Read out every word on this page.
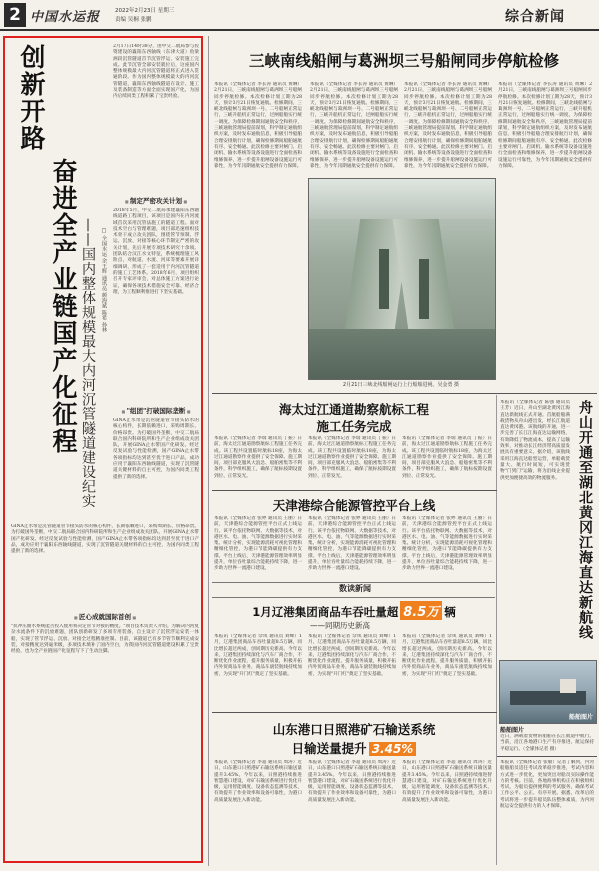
2 中国水运报	2022年2月23日 星期三
责编 吴桐 张鹏	综合新闻
创新开路
奋进全产业链国产化征程 ——国内整体规模最大内河沉管隧道建设纪实 □ 全国水运 余王辉 通讯员 颜海斌 陈希 孙林
2月17日14时38分，由中交二航局参与投资建设的襄阳东西轴线（东津大道）鱼梁洲段沉管隧道首节沉管浮运、安装施工完成。此节沉管全部安装就位后，这座国内整体规模最大内河沉管隧道将正式进入贯通阶段。作为国内整体规模最大的内河沉管隧道，襄阳东西轴线隧道在设计、施工及装备制造等方面全面实现国产化，为国内后续同类工程积累了宝贵经验。
■ 制定严密攻关计划 ■
2018年5月，中交二航局承建襄阳东西轴线道路工程项目，该项目是国内在内河流域首次采用沉管法施工的隧道工程。面对技术空白与管理难题，项目部迅速组织技术骨干成立攻关团队，围绕管节预制、浮运、沉放、对接等核心环节制定严密的攻关计划，先后开展专项技术研究十余项。团队结合汉江水文特征，系统梳理施工风险点，对航道、水流、河床等要素开展详细调研，形成了一套适用于内河沉管隧道的施工工艺体系。2018年6月，项目组织召开专家评审会，对总体施工方案进行论证，确保各项技术措施安全可靠、经济合理，为工程顺利推进打下坚实基础。
■ "组团"打破国际垄断 ■
GINA止水带是沉管隧道管节接头防水的核心构件，长期依赖进口，采购周期长、价格昂贵。为打破国外垄断，中交二航局联合国内科研院所和生产企业组成攻关团队，开展GINA止水带国产化研发。经过反复试验与性能检测，国产GINA止水带各项指标均达到甚至优于进口产品，成功应用于襄阳东西轴线隧道，实现了沉管隧道关键材料的自主可控，为国内同类工程提供了新的选择。
GINA止水带是沉管隧道管节接头防水的核心构件，长期依赖进口，采购周期长、价格昂贵。为打破国外垄断，中交二航局联合国内科研院所和生产企业组成攻关团队，开展GINA止水带国产化研发。经过反复试验与性能检测，国产GINA止水带各项指标均达到甚至优于进口产品，成功应用于襄阳东西轴线隧道，实现了沉管隧道关键材料的自主可控，为国内同类工程提供了新的选择。
■ 匠心成就国际首创 ■
"抗冲压曲水系统能否投入使用将决定管节对接的精度。"项目技术负责人介绍。为解决内河复杂水流条件下的沉放难题，团队创新研发了多项专用装备，自主设计了沉管浮运安装一体船，实现了管节浮运、沉放、对接全过程精准控制。目前，该隧道已有多节管节顺利完成安装，对接精度达到毫米级，多项技术填补了国内空白，为我国内河沉管隧道建设积累了宝贵经验，也为全产业链国产化征程写下了生动注脚。
三峡南线船闸与葛洲坝三号船闸同步停航检修
本报讯（全媒体记者 李长涛 通讯员 黄琳）2月21日，三峡南线船闸与葛洲坝三号船闸同步停航检修。本次检修计划工期为28天，预计3月21日恢复通航。检修期间，三峡北线船闸与葛洲坝一号、二号船闸正常运行，三峡升船机正常运行，过闸船舶实行统一调度。为保障检修期间通航安全和秩序，三峡通航管理局提前谋划，科学制定通航组织方案，及时发布通航信息，积极引导船舶合理安排航行计划，确保检修期间船舶通航有序、安全畅通。此次检修主要对闸门、启闭机、输水系统等设备设施进行全面检查和维修保养，进一步提升船闸设备设施运行可靠性，为今年汛期通航安全提供有力保障。
本报讯（全媒体记者 李长涛 通讯员 黄琳）2月21日，三峡南线船闸与葛洲坝三号船闸同步停航检修。本次检修计划工期为28天，预计3月21日恢复通航。检修期间，三峡北线船闸与葛洲坝一号、二号船闸正常运行，三峡升船机正常运行，过闸船舶实行统一调度。为保障检修期间通航安全和秩序，三峡通航管理局提前谋划，科学制定通航组织方案，及时发布通航信息，积极引导船舶合理安排航行计划，确保检修期间船舶通航有序、安全畅通。此次检修主要对闸门、启闭机、输水系统等设备设施进行全面检查和维修保养，进一步提升船闸设备设施运行可靠性，为今年汛期通航安全提供有力保障。
本报讯（全媒体记者 李长涛 通讯员 黄琳）2月21日，三峡南线船闸与葛洲坝三号船闸同步停航检修。本次检修计划工期为28天，预计3月21日恢复通航。检修期间，三峡北线船闸与葛洲坝一号、二号船闸正常运行，三峡升船机正常运行，过闸船舶实行统一调度。为保障检修期间通航安全和秩序，三峡通航管理局提前谋划，科学制定通航组织方案，及时发布通航信息，积极引导船舶合理安排航行计划，确保检修期间船舶通航有序、安全畅通。此次检修主要对闸门、启闭机、输水系统等设备设施进行全面检查和维修保养，进一步提升船闸设备设施运行可靠性，为今年汛期通航安全提供有力保障。
本报讯（全媒体记者 李长涛 通讯员 黄琳）2月21日，三峡南线船闸与葛洲坝三号船闸同步停航检修。本次检修计划工期为28天，预计3月21日恢复通航。检修期间，三峡北线船闸与葛洲坝一号、二号船闸正常运行，三峡升船机正常运行，过闸船舶实行统一调度。为保障检修期间通航安全和秩序，三峡通航管理局提前谋划，科学制定通航组织方案，及时发布通航信息，积极引导船舶合理安排航行计划，确保检修期间船舶通航有序、安全畅通。此次检修主要对闸门、启闭机、输水系统等设备设施进行全面检查和维修保养，进一步提升船闸设备设施运行可靠性，为今年汛期通航安全提供有力保障。
2月21日三峡北线船闸运行上行船舶进闸。吴金勇 摄
海太过江通道勘察航标工程
施工任务完成
本报讯（全媒体记者 李瑞 通讯员 丁振）日前，海太过江通道勘察航标工程施工任务完成。该工程共设置临时航标18座，为海太过江通道勘察作业提供了安全保障。施工期间，项目部克服风大浪急、船舶密集等不利条件，科学组织施工，确保了航标按期设置到位、正常发光。
本报讯（全媒体记者 李瑞 通讯员 丁振）日前，海太过江通道勘察航标工程施工任务完成。该工程共设置临时航标18座，为海太过江通道勘察作业提供了安全保障。施工期间，项目部克服风大浪急、船舶密集等不利条件，科学组织施工，确保了航标按期设置到位、正常发光。
本报讯（全媒体记者 李瑞 通讯员 丁振）日前，海太过江通道勘察航标工程施工任务完成。该工程共设置临时航标18座，为海太过江通道勘察作业提供了安全保障。施工期间，项目部克服风大浪急、船舶密集等不利条件，科学组织施工，确保了航标按期设置到位、正常发光。
天津港综合能源管控平台上线
本报讯（全媒体记者 张婷 通讯员 王丽）日前，天津港综合能源管控平台正式上线运行。该平台依托物联网、大数据等技术，对港区水、电、油、气等能源数据进行实时采集、统计分析，实现能源消耗可视化管理和精细化管控，为港口节能降碳提供有力支撑。平台上线后，天津港能源管理效率明显提升，单位吞吐量综合能耗持续下降，进一步助力世界一流港口建设。
本报讯（全媒体记者 张婷 通讯员 王丽）日前，天津港综合能源管控平台正式上线运行。该平台依托物联网、大数据等技术，对港区水、电、油、气等能源数据进行实时采集、统计分析，实现能源消耗可视化管理和精细化管控，为港口节能降碳提供有力支撑。平台上线后，天津港能源管理效率明显提升，单位吞吐量综合能耗持续下降，进一步助力世界一流港口建设。
本报讯（全媒体记者 张婷 通讯员 王丽）日前，天津港综合能源管控平台正式上线运行。该平台依托物联网、大数据等技术，对港区水、电、油、气等能源数据进行实时采集、统计分析，实现能源消耗可视化管理和精细化管控，为港口节能降碳提供有力支撑。平台上线后，天津港能源管理效率明显提升，单位吞吐量综合能耗持续下降，进一步助力世界一流港口建设。
数读新闻
1月辽港集团商品车吞吐量超 8.5万 辆
——同期历史新高
本报讯（全媒体记者 佘凤 通讯员 刘峰）1月，辽港集团商品车吞吐量超8.5万辆，同比增长超过两成，创同期历史新高。今年以来，辽港集团持续深化与汽车厂商合作，不断优化作业流程，提升服务质量，积极开拓内外贸商品车业务，商品车滚装航线持续加密，为实现"开门红"奠定了坚实基础。
本报讯（全媒体记者 佘凤 通讯员 刘峰）1月，辽港集团商品车吞吐量超8.5万辆，同比增长超过两成，创同期历史新高。今年以来，辽港集团持续深化与汽车厂商合作，不断优化作业流程，提升服务质量，积极开拓内外贸商品车业务，商品车滚装航线持续加密，为实现"开门红"奠定了坚实基础。
本报讯（全媒体记者 佘凤 通讯员 刘峰）1月，辽港集团商品车吞吐量超8.5万辆，同比增长超过两成，创同期历史新高。今年以来，辽港集团持续深化与汽车厂商合作，不断优化作业流程，提升服务质量，积极开拓内外贸商品车业务，商品车滚装航线持续加密，为实现"开门红"奠定了坚实基础。
山东港口日照港矿石输送系统
日输送量提升 3.45%
本报讯（全媒体记者 李超 通讯员 周涛）近日，山东港口日照港矿石输送系统日输送量提升3.45%。今年以来，日照港持续推进智慧港口建设，对矿石输送系统进行优化升级，运用智能调度、设备状态监测等技术，有效提升了作业效率和设备可靠性，为港口高质量发展注入新动能。
本报讯（全媒体记者 李超 通讯员 周涛）近日，山东港口日照港矿石输送系统日输送量提升3.45%。今年以来，日照港持续推进智慧港口建设，对矿石输送系统进行优化升级，运用智能调度、设备状态监测等技术，有效提升了作业效率和设备可靠性，为港口高质量发展注入新动能。
本报讯（全媒体记者 李超 通讯员 周涛）近日，山东港口日照港矿石输送系统日输送量提升3.45%。今年以来，日照港持续推进智慧港口建设，对矿石输送系统进行优化升级，运用智能调度、设备状态监测等技术，有效提升了作业效率和设备可靠性，为港口高质量发展注入新动能。
本报讯（全媒体记者 陈强 通讯员 王芳）近日，舟山至湖北黄冈江海直达新航线正式开通。首航船舶满载货物从舟山港出发，经长江航道直达黄冈港。该航线的开通，进一步完善了长江江海直达运输网络，有效降低了物流成本，提高了运输效率，对推动长江经济带高质量发展具有重要意义。据介绍，该航线采用江海直达船型运营，单船载货量大、航行时间短，可实现货物"门到门"运输，将为沿线企业提供更加便捷高效的物流服务。	舟山开通至湖北黄冈江海直达新航线
船舶图片
船舶图片
近日，满载着货物的船舶在长江航道中航行。当前，沿江各地港口生产有序推进，航运保持平稳运行。（全媒体记者 摄）
本报讯（全媒体记者 张敏）记者了解到，内河船舶船员适任考试改革稳步推进，考试内容和方式进一步优化，更加突出对船员实际操作能力的考核。目前，各地海事机构正在积极组织考试，为船员提供便利的考试服务，确保考试工作公平、公正、有序开展。据悉，改革后的考试将进一步提升船员队伍整体素质，为内河航运安全提供有力的人才保障。
